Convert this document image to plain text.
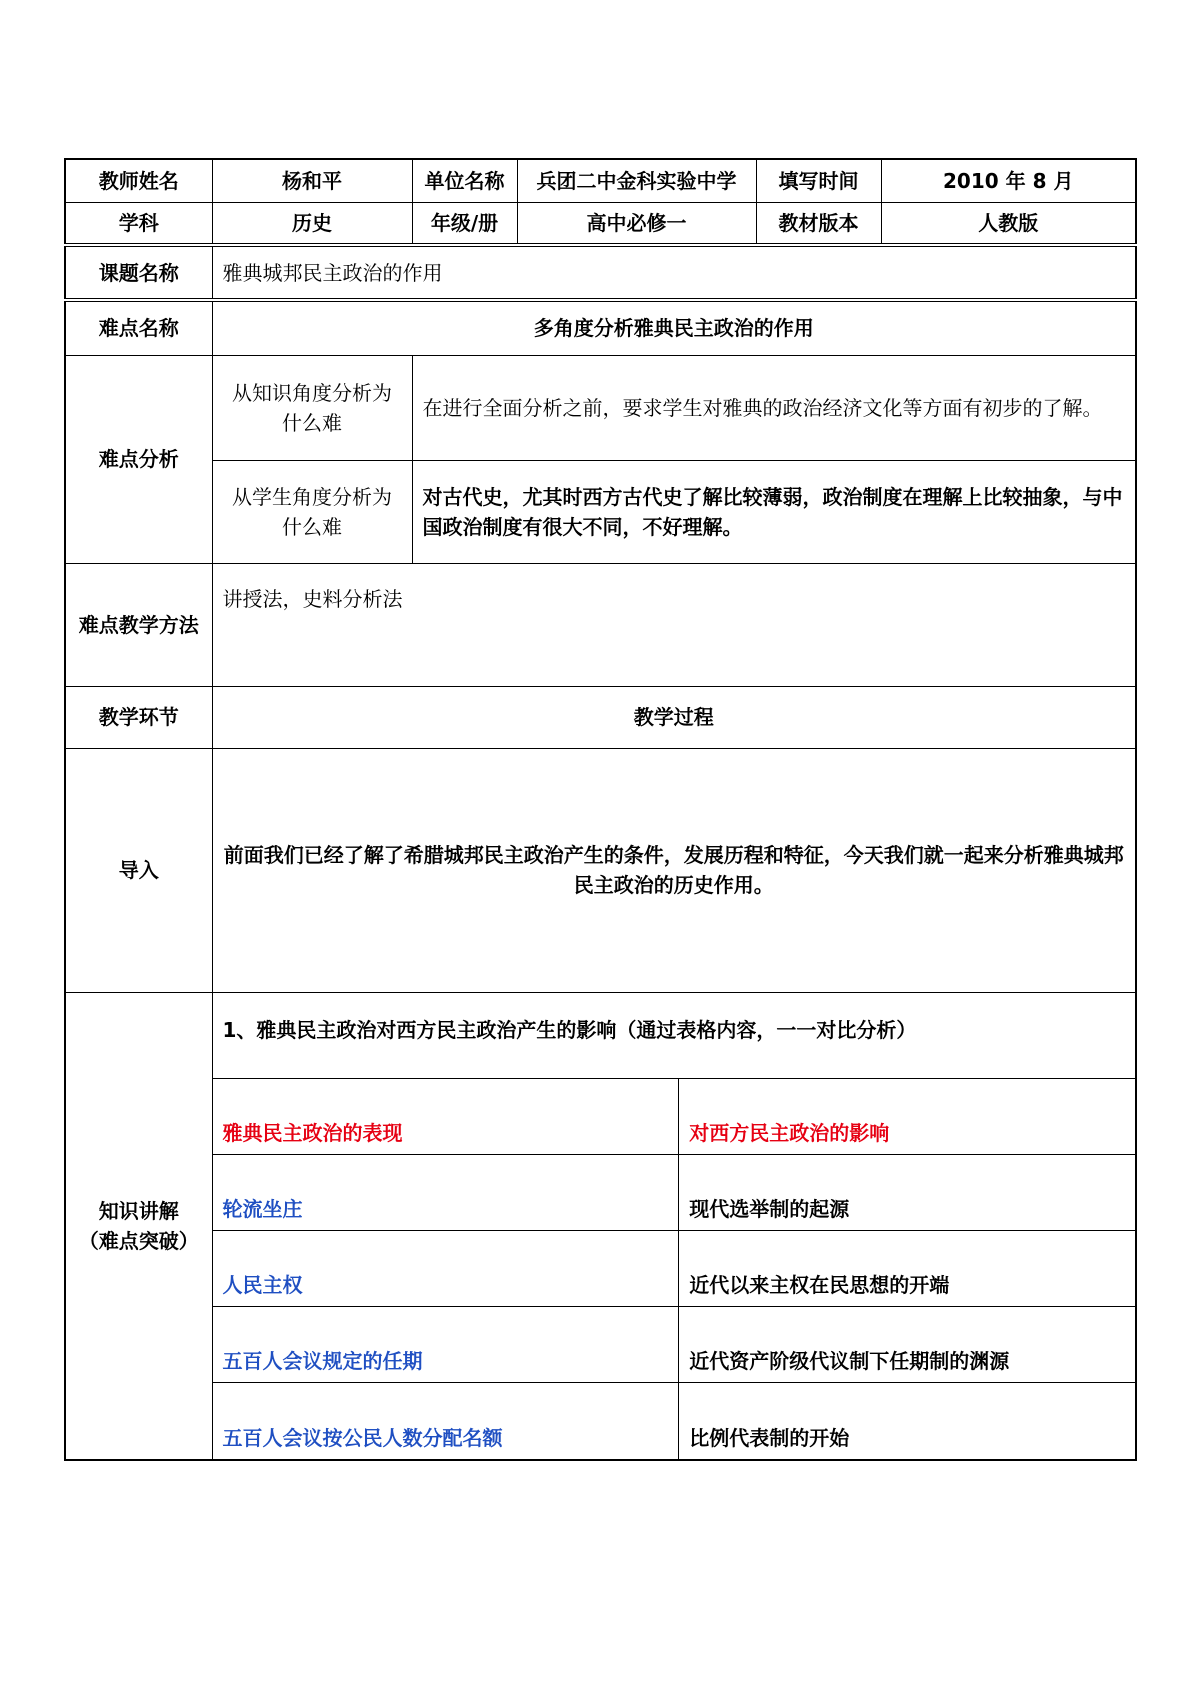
教师姓名	杨和平	单位名称	兵团二中金科实验中学	填写时间	2010 年 8 月
学科	历史	年级/册	高中必修一	教材版本	人教版
课题名称	雅典城邦民主政治的作用
难点名称	多角度分析雅典民主政治的作用
难点分析	从知识角度分析为什么难	在进行全面分析之前，要求学生对雅典的政治经济文化等方面有初步的了解。
从学生角度分析为什么难	对古代史，尤其时西方古代史了解比较薄弱，政治制度在理解上比较抽象，与中国政治制度有很大不同，不好理解。
难点教学方法	讲授法，史料分析法
教学环节	教学过程
导入	前面我们已经了解了希腊城邦民主政治产生的条件，发展历程和特征，今天我们就一起来分析雅典城邦民主政治的历史作用。

知识讲解
（难点突破）

1、雅典民主政治对西方民主政治产生的影响（通过表格内容，一一对比分析）
雅典民主政治的表现	对西方民主政治的影响
轮流坐庄	现代选举制的起源
人民主权	近代以来主权在民思想的开端
五百人会议规定的任期	近代资产阶级代议制下任期制的渊源
五百人会议按公民人数分配名额	比例代表制的开始
